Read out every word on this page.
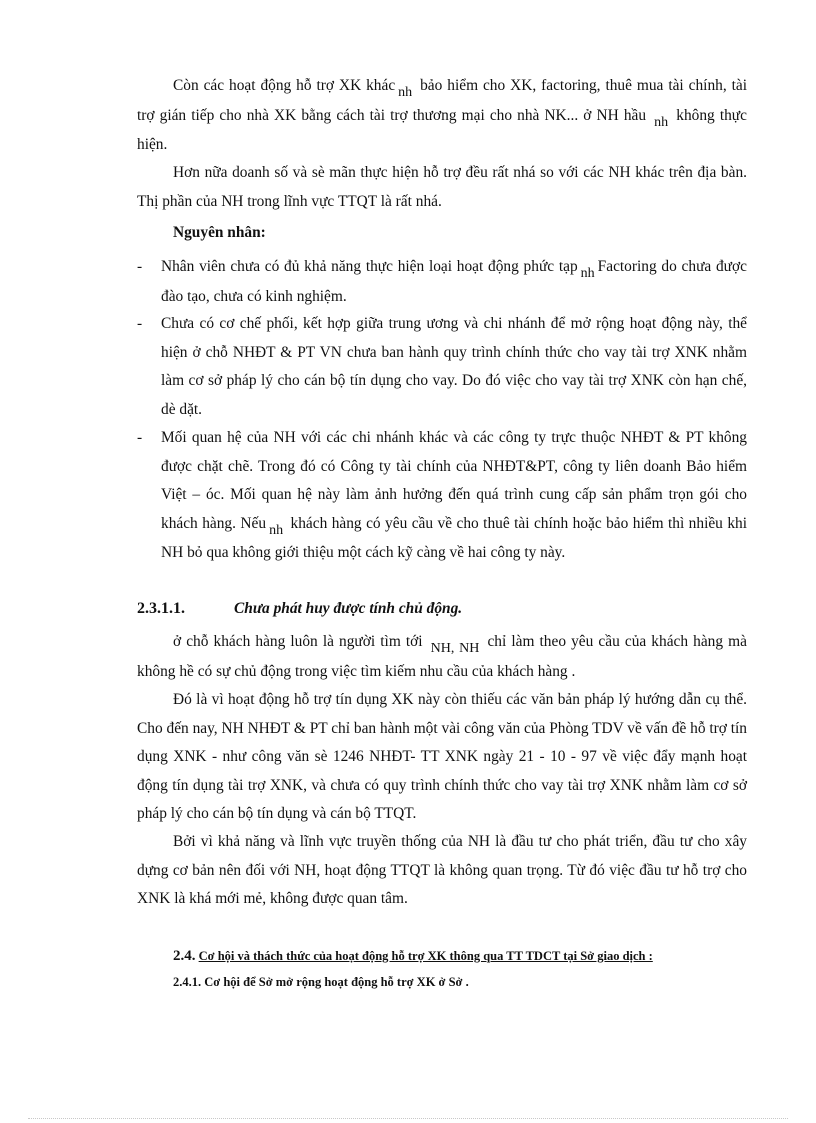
Còn các hoạt động hỗ trợ XK khác nh bảo hiểm cho XK, factoring, thuê mua tài chính, tài trợ gián tiếp cho nhà XK bằng cách tài trợ thương mại cho nhà NK... ở NH hầu nh không thực hiện.

Hơn nữa doanh số và sè mãn thực hiện hỗ trợ đều rất nhá so với các NH khác trên địa bàn. Thị phần của NH trong lĩnh vực TTQT là rất nhá.

Nguyên nhân:

- Nhân viên chưa có đủ khả năng thực hiện loại hoạt động phức tạp nh Factoring do chưa được đào tạo, chưa có kinh nghiệm.
- Chưa có cơ chế phối, kết hợp giữa trung ương và chi nhánh để mở rộng hoạt động này, thể hiện ở chỗ NHĐT & PT VN chưa ban hành quy trình chính thức cho vay tài trợ XNK nhằm làm cơ sở pháp lý cho cán bộ tín dụng cho vay. Do đó việc cho vay tài trợ XNK còn hạn chế, dè dặt.
- Mối quan hệ của NH với các chi nhánh khác và các công ty trực thuộc NHĐT & PT không được chặt chẽ. Trong đó có Công ty tài chính của NHĐT&PT, công ty liên doanh Bảo hiểm Việt – óc. Mối quan hệ này làm ảnh hưởng đến quá trình cung cấp sản phẩm trọn gói cho khách hàng. Nếu nh khách hàng có yêu cầu về cho thuê tài chính hoặc bảo hiểm thì nhiều khi NH bỏ qua không giới thiệu một cách kỹ càng về hai công ty này.
2.3.1.1.	Chưa phát huy được tính chủ động.

ở chỗ khách hàng luôn là người tìm tới NH, NH chỉ làm theo yêu cầu của khách hàng mà không hề có sự chủ động trong việc tìm kiếm nhu cầu của khách hàng .

Đó là vì hoạt động hỗ trợ tín dụng XK này còn thiếu các văn bản pháp lý hướng dẫn cụ thể. Cho đến nay, NH NHĐT & PT chỉ ban hành một vài công văn của Phòng TDV về vấn đề hỗ trợ tín dụng XNK - như công văn sè 1246 NHĐT- TT XNK ngày 21 - 10 - 97 về việc đẩy mạnh hoạt động tín dụng tài trợ XNK, và chưa có quy trình chính thức cho vay tài trợ XNK nhằm làm cơ sở pháp lý cho cán bộ tín dụng và cán bộ TTQT.

Bởi vì khả năng và lĩnh vực truyền thống của NH là đầu tư cho phát triển, đầu tư cho xây dựng cơ bản nên đối với NH, hoạt động TTQT là không quan trọng. Từ đó việc đầu tư hỗ trợ cho XNK là khá mới mẻ, không được quan tâm.

2.4. Cơ hội và thách thức của hoạt động hỗ trợ XK thông qua TT TDCT tại Sở giao dịch :
2.4.1. Cơ hội để Sở mở rộng hoạt động hỗ trợ XK ở Sở .
